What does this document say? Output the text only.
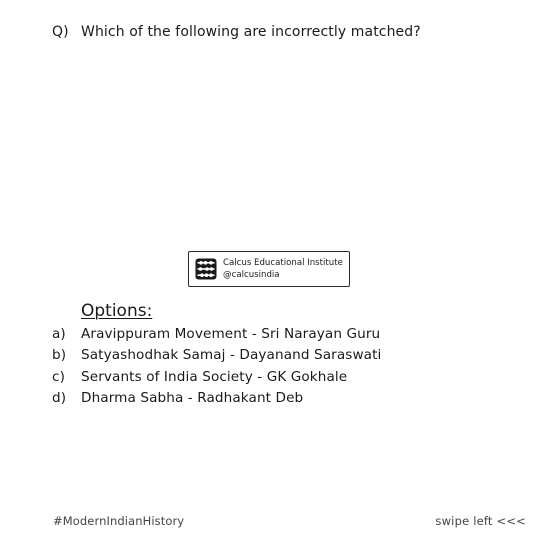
Q) Which of the following are incorrectly matched?
Calcus Educational Institute
@calcusindia
Options:
a)	Aravippuram Movement - Sri Narayan Guru
b)	Satyashodhak Samaj - Dayanand Saraswati
c)	Servants of India Society - GK Gokhale
d)	Dharma Sabha - Radhakant Deb
#ModernIndianHistory	swipe left <<<
